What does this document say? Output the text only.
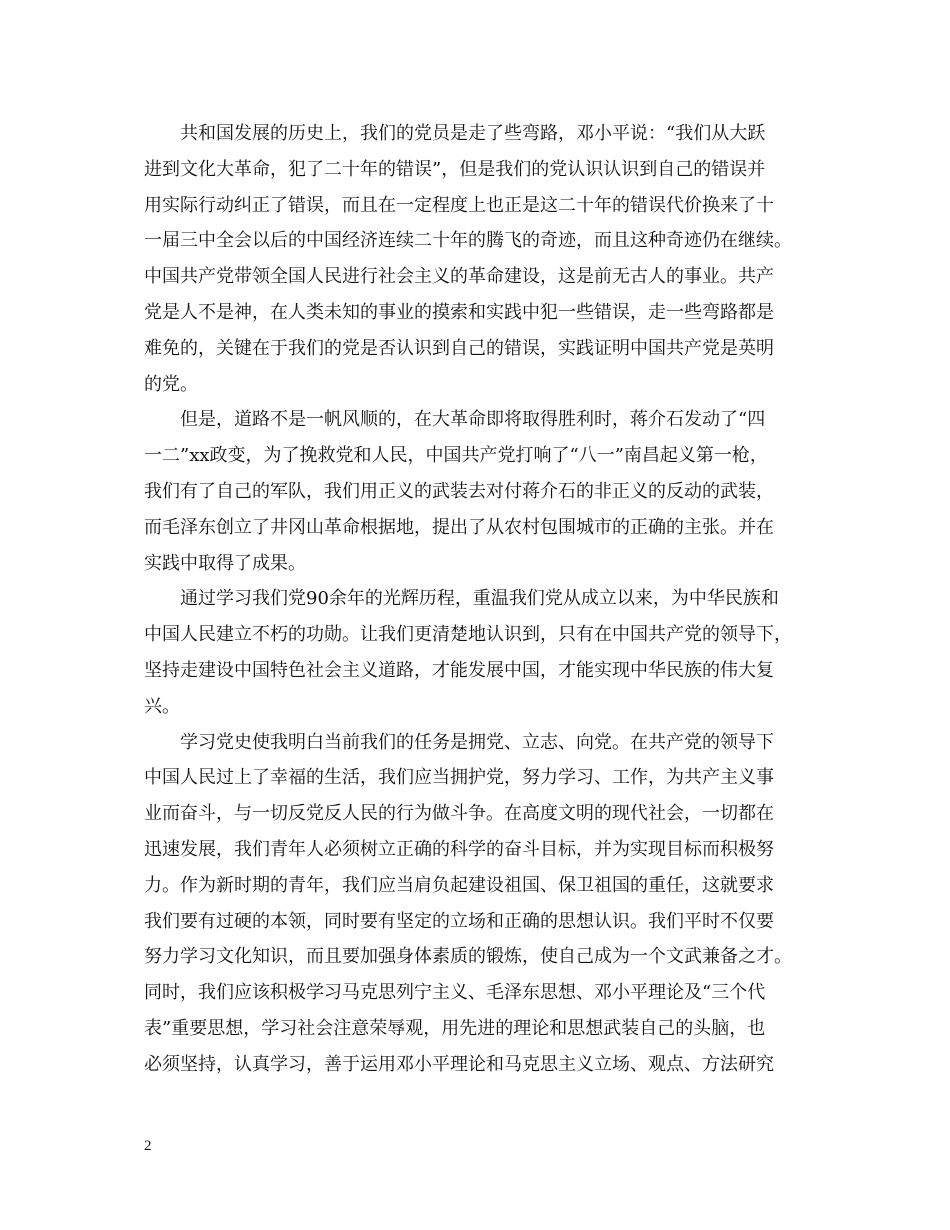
　　共和国发展的历史上，我们的党员是走了些弯路，邓小平说：“我们从大跃
进到文化大革命，犯了二十年的错误”，但是我们的党认识认识到自己的错误并
用实际行动纠正了错误，而且在一定程度上也正是这二十年的错误代价换来了十
一届三中全会以后的中国经济连续二十年的腾飞的奇迹，而且这种奇迹仍在继续。
中国共产党带领全国人民进行社会主义的革命建设，这是前无古人的事业。共产
党是人不是神，在人类未知的事业的摸索和实践中犯一些错误，走一些弯路都是
难免的，关键在于我们的党是否认识到自己的错误，实践证明中国共产党是英明
的党。

　　但是，道路不是一帆风顺的，在大革命即将取得胜利时，蒋介石发动了“四
一二”xx政变，为了挽救党和人民，中国共产党打响了“八一”南昌起义第一枪，
我们有了自己的军队，我们用正义的武装去对付蒋介石的非正义的反动的武装，
而毛泽东创立了井冈山革命根据地，提出了从农村包围城市的正确的主张。并在
实践中取得了成果。

　　通过学习我们党90余年的光辉历程，重温我们党从成立以来，为中华民族和
中国人民建立不朽的功勋。让我们更清楚地认识到，只有在中国共产党的领导下，
坚持走建设中国特色社会主义道路，才能发展中国，才能实现中华民族的伟大复
兴。

　　学习党史使我明白当前我们的任务是拥党、立志、向党。在共产党的领导下
中国人民过上了幸福的生活，我们应当拥护党，努力学习、工作，为共产主义事
业而奋斗，与一切反党反人民的行为做斗争。在高度文明的现代社会，一切都在
迅速发展，我们青年人必须树立正确的科学的奋斗目标，并为实现目标而积极努
力。作为新时期的青年，我们应当肩负起建设祖国、保卫祖国的重任，这就要求
我们要有过硬的本领，同时要有坚定的立场和正确的思想认识。我们平时不仅要
努力学习文化知识，而且要加强身体素质的锻炼，使自己成为一个文武兼备之才。
同时，我们应该积极学习马克思列宁主义、毛泽东思想、邓小平理论及“三个代
表”重要思想，学习社会注意荣辱观，用先进的理论和思想武装自己的头脑，也
必须坚持，认真学习，善于运用邓小平理论和马克思主义立场、观点、方法研究

2
